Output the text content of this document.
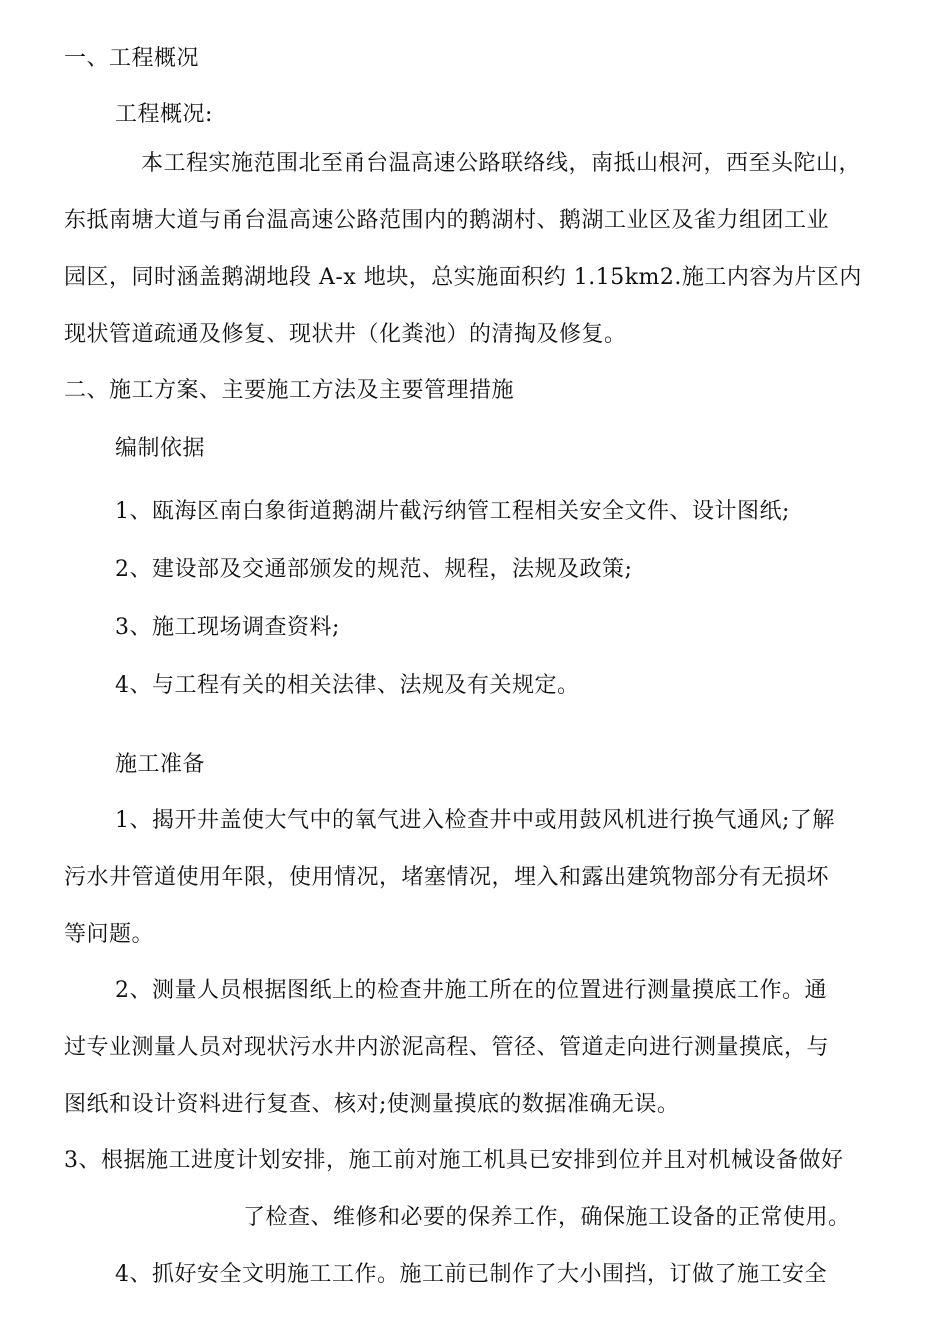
一、工程概况
工程概况:
本工程实施范围北至甬台温高速公路联络线，南抵山根河，西至头陀山，
东抵南塘大道与甬台温高速公路范围内的鹅湖村、鹅湖工业区及雀力组团工业
园区，同时涵盖鹅湖地段 A-x 地块，总实施面积约 1.15km2.施工内容为片区内
现状管道疏通及修复、现状井（化粪池）的清掏及修复。
二、施工方案、主要施工方法及主要管理措施
编制依据
1、瓯海区南白象街道鹅湖片截污纳管工程相关安全文件、设计图纸;
2、建设部及交通部颁发的规范、规程，法规及政策;
3、施工现场调查资料;
4、与工程有关的相关法律、法规及有关规定。
施工准备
1、揭开井盖使大气中的氧气进入检查井中或用鼓风机进行换气通风;了解
污水井管道使用年限，使用情况，堵塞情况，埋入和露出建筑物部分有无损坏
等问题。
2、测量人员根据图纸上的检查井施工所在的位置进行测量摸底工作。通
过专业测量人员对现状污水井内淤泥高程、管径、管道走向进行测量摸底，与
图纸和设计资料进行复查、核对;使测量摸底的数据准确无误。
3、根据施工进度计划安排，施工前对施工机具已安排到位并且对机械设备做好
了检查、维修和必要的保养工作，确保施工设备的正常使用。
4、抓好安全文明施工工作。施工前已制作了大小围挡，订做了施工安全
